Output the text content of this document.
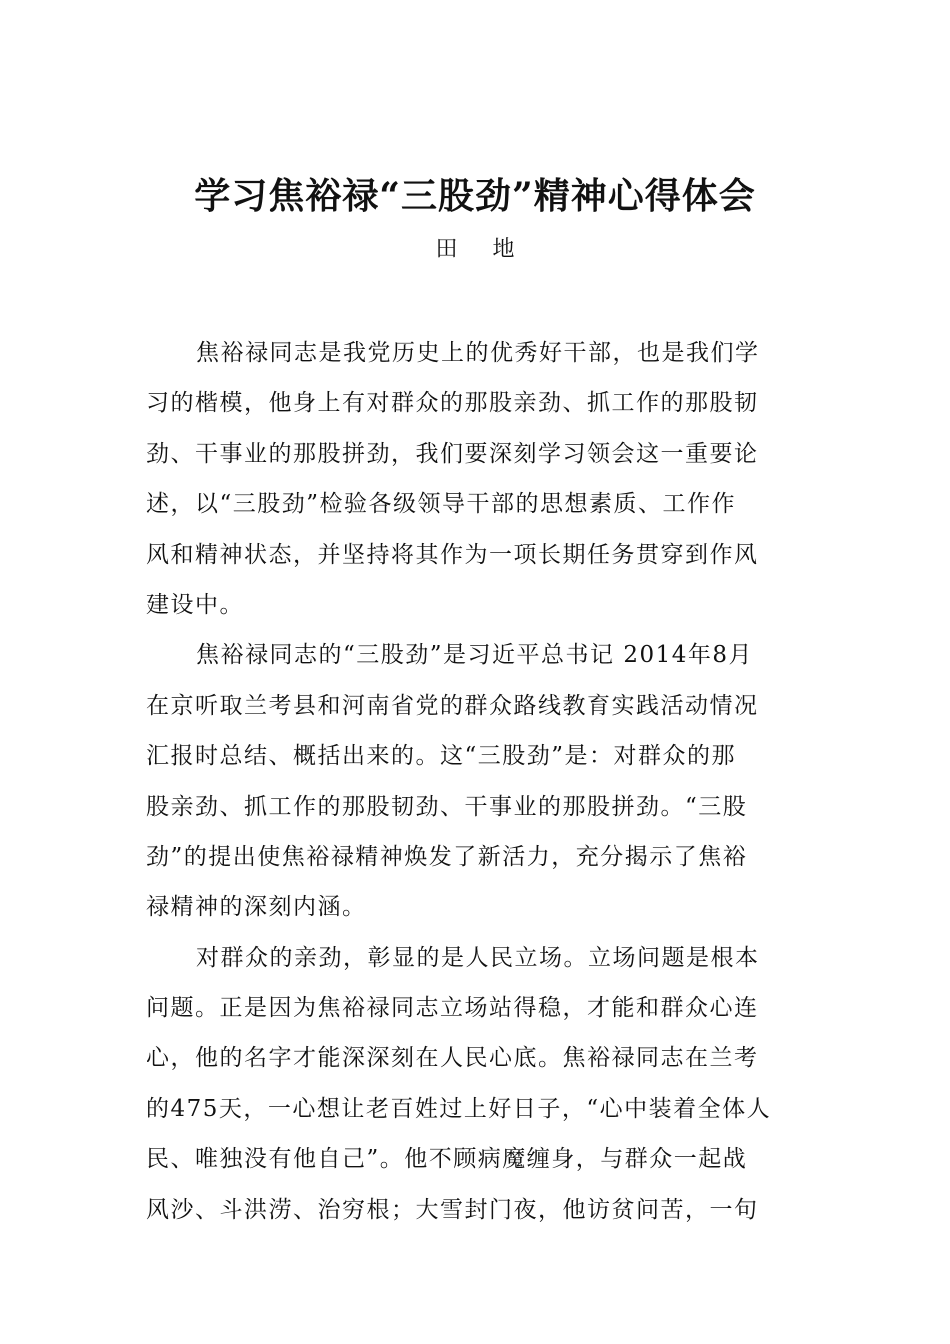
学习焦裕禄“三股劲”精神心得体会
田 地
焦裕禄同志是我党历史上的优秀好干部，也是我们学
习的楷模，他身上有对群众的那股亲劲、抓工作的那股韧
劲、干事业的那股拼劲，我们要深刻学习领会这一重要论
述，以“三股劲”检验各级领导干部的思想素质、工作作
风和精神状态，并坚持将其作为一项长期任务贯穿到作风
建设中。
焦裕禄同志的“三股劲”是习近平总书记 2014年8月
在京听取兰考县和河南省党的群众路线教育实践活动情况
汇报时总结、概括出来的。这“三股劲”是：对群众的那
股亲劲、抓工作的那股韧劲、干事业的那股拼劲。“三股
劲”的提出使焦裕禄精神焕发了新活力，充分揭示了焦裕
禄精神的深刻内涵。
对群众的亲劲，彰显的是人民立场。立场问题是根本
问题。正是因为焦裕禄同志立场站得稳，才能和群众心连
心，他的名字才能深深刻在人民心底。焦裕禄同志在兰考
的475天，一心想让老百姓过上好日子，“心中装着全体人
民、唯独没有他自己”。他不顾病魔缠身，与群众一起战
风沙、斗洪涝、治穷根；大雪封门夜，他访贫问苦，一句
